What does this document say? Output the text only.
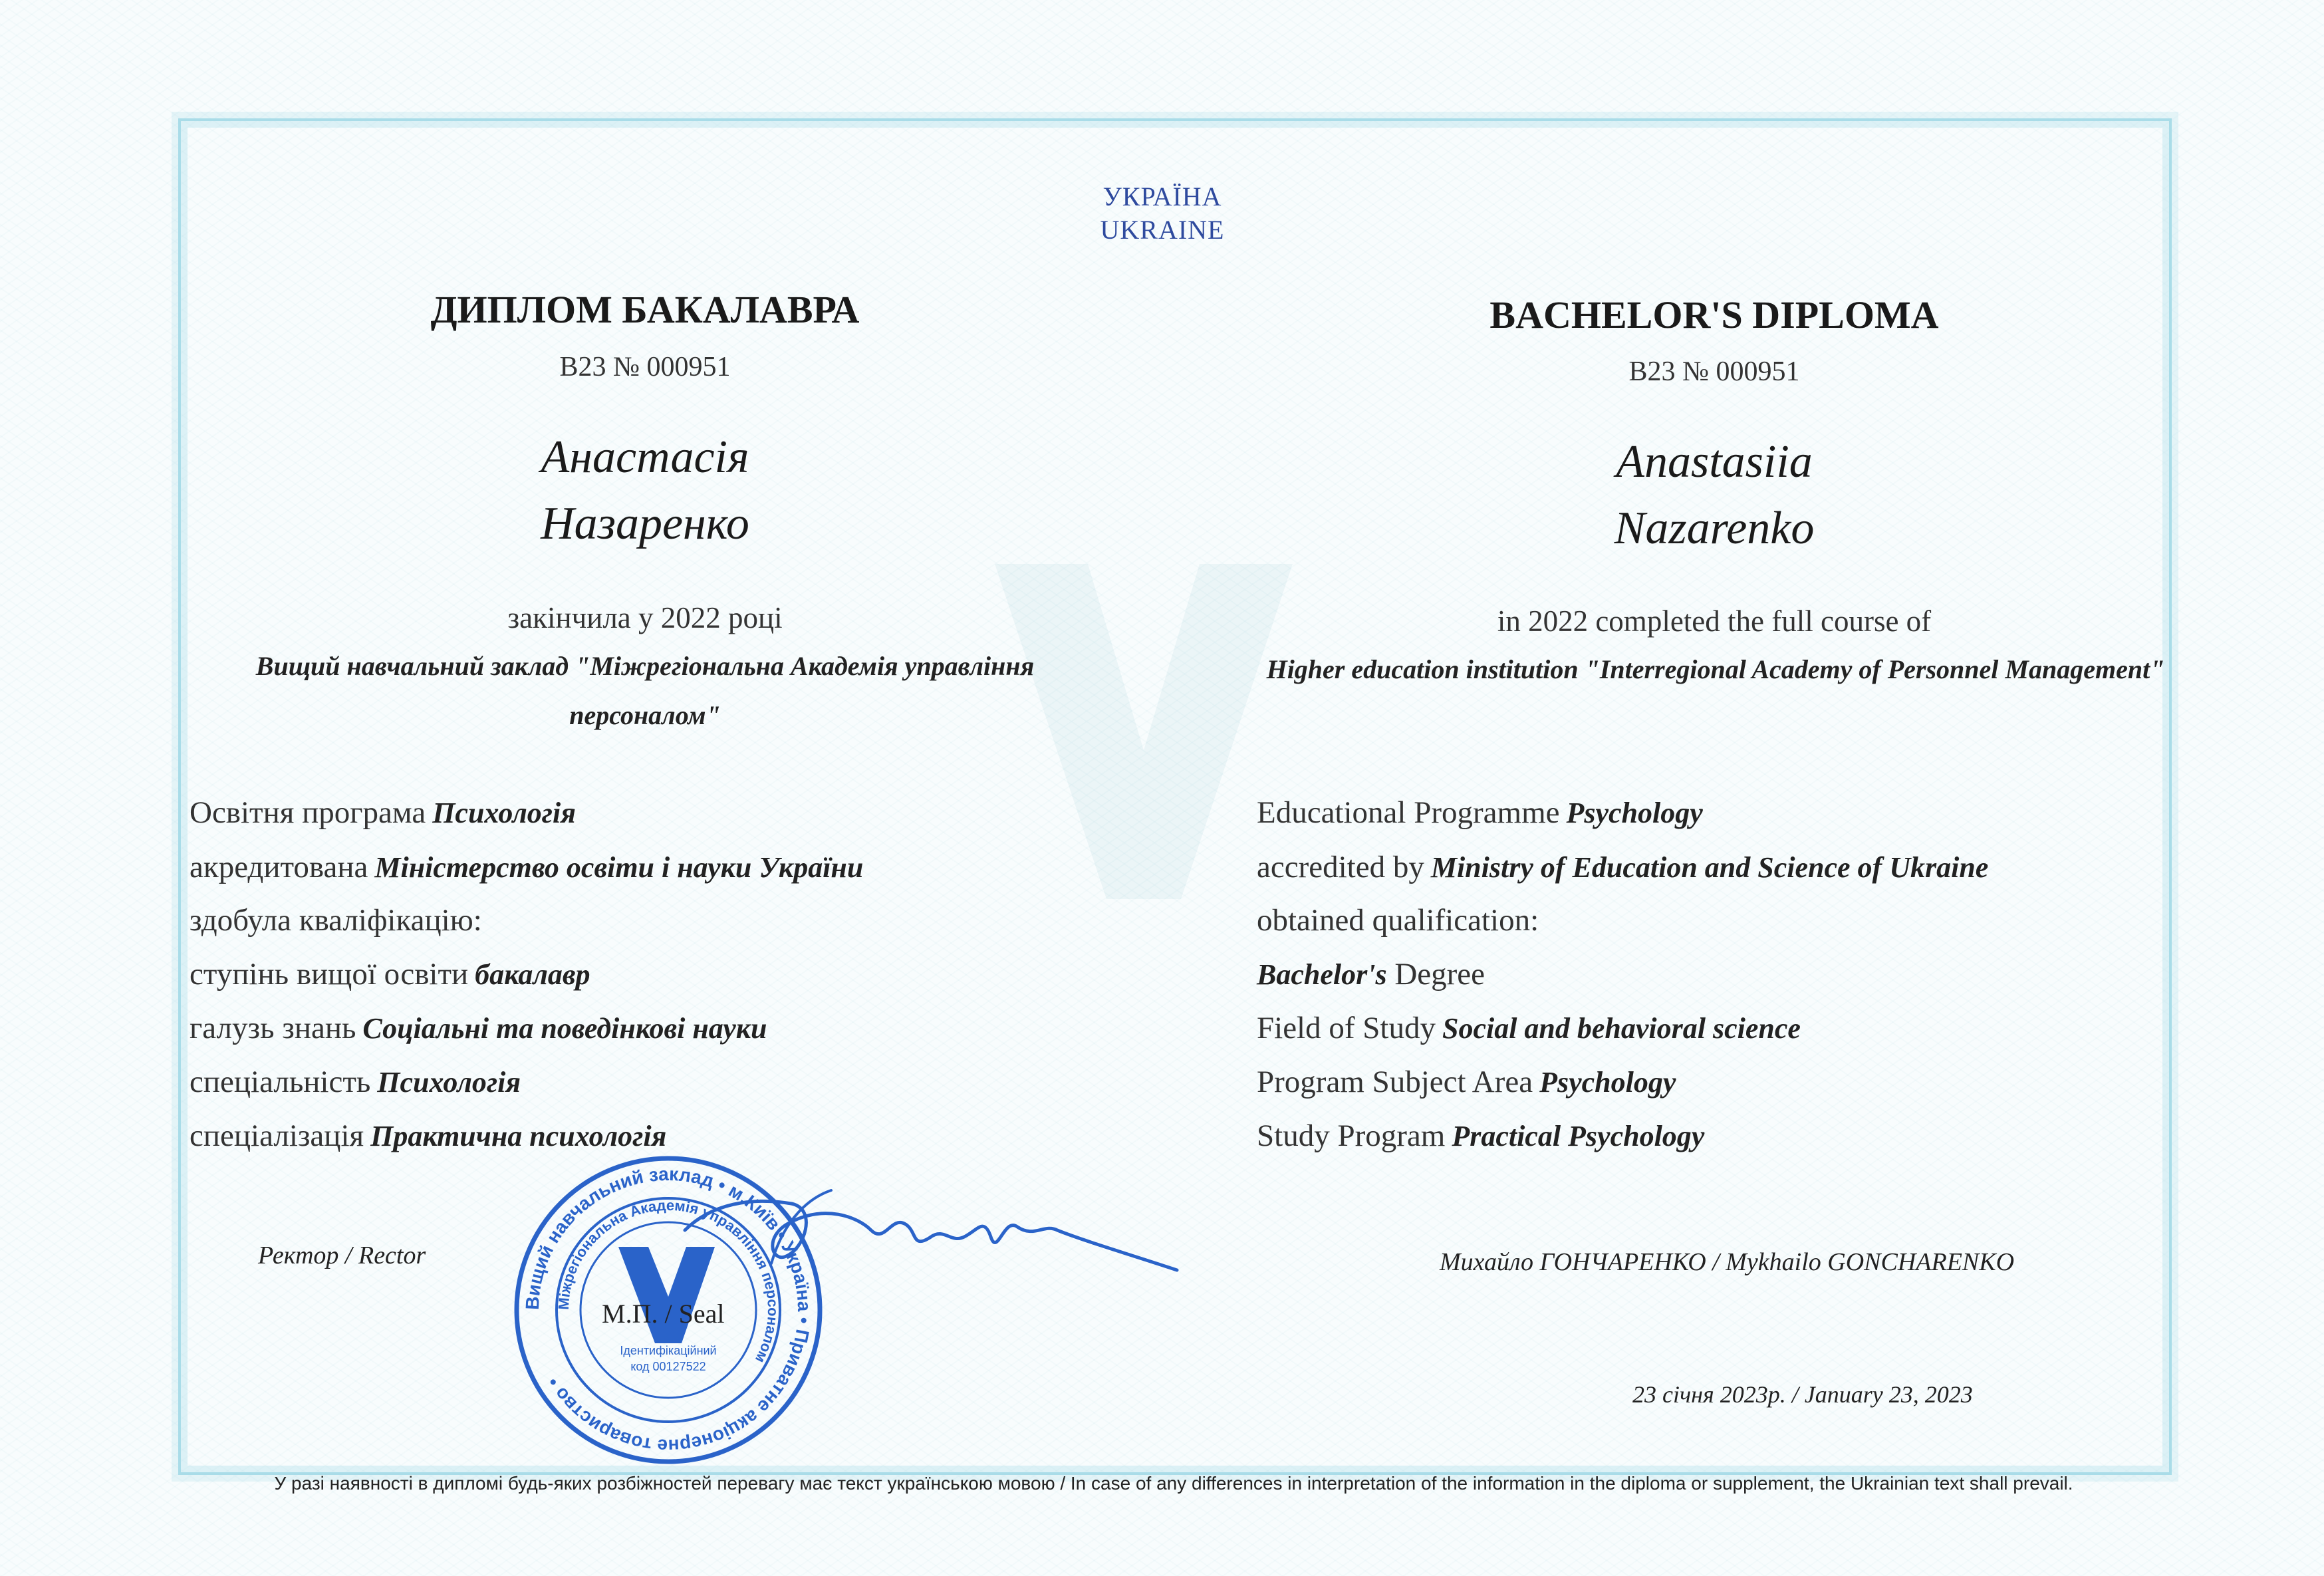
УКРАЇНА
UKRAINE
ДИПЛОМ БАКАЛАВРА
В23 № 000951
Анастасія
Назаренко
закінчила у 2022 році
Вищий навчальний заклад "Міжрегіональна Академія управління персоналом"
Освітня програма Психологія
акредитована Міністерство освіти і науки України
здобула кваліфікацію:
ступінь вищої освіти бакалавр
галузь знань Соціальні та поведінкові науки
спеціальність Психологія
спеціалізація Практична психологія
BACHELOR'S DIPLOMA
В23 № 000951
Anastasiia
Nazarenko
in 2022 completed the full course of
Higher education institution "Interregional Academy of Personnel Management"
Educational Programme Psychology
accredited by Ministry of Education and Science of Ukraine
obtained qualification:
Bachelor's Degree
Field of Study Social and behavioral science
Program Subject Area Psychology
Study Program Practical Psychology
Ректор / Rector	Михайло ГОНЧАРЕНКО / Mykhailo GONCHARENKO
23 січня 2023р. / January 23, 2023
Вищий навчальний заклад • м.Київ • Україна • Приватне акціонерне товариство •
Міжрегіональна Академія управління персоналом
Ідентифікаційний
код 00127522
М.П. / Seal
У разі наявності в дипломі будь-яких розбіжностей перевагу має текст українською мовою / In case of any differences in interpretation of the information in the diploma or supplement, the Ukrainian text shall prevail.
